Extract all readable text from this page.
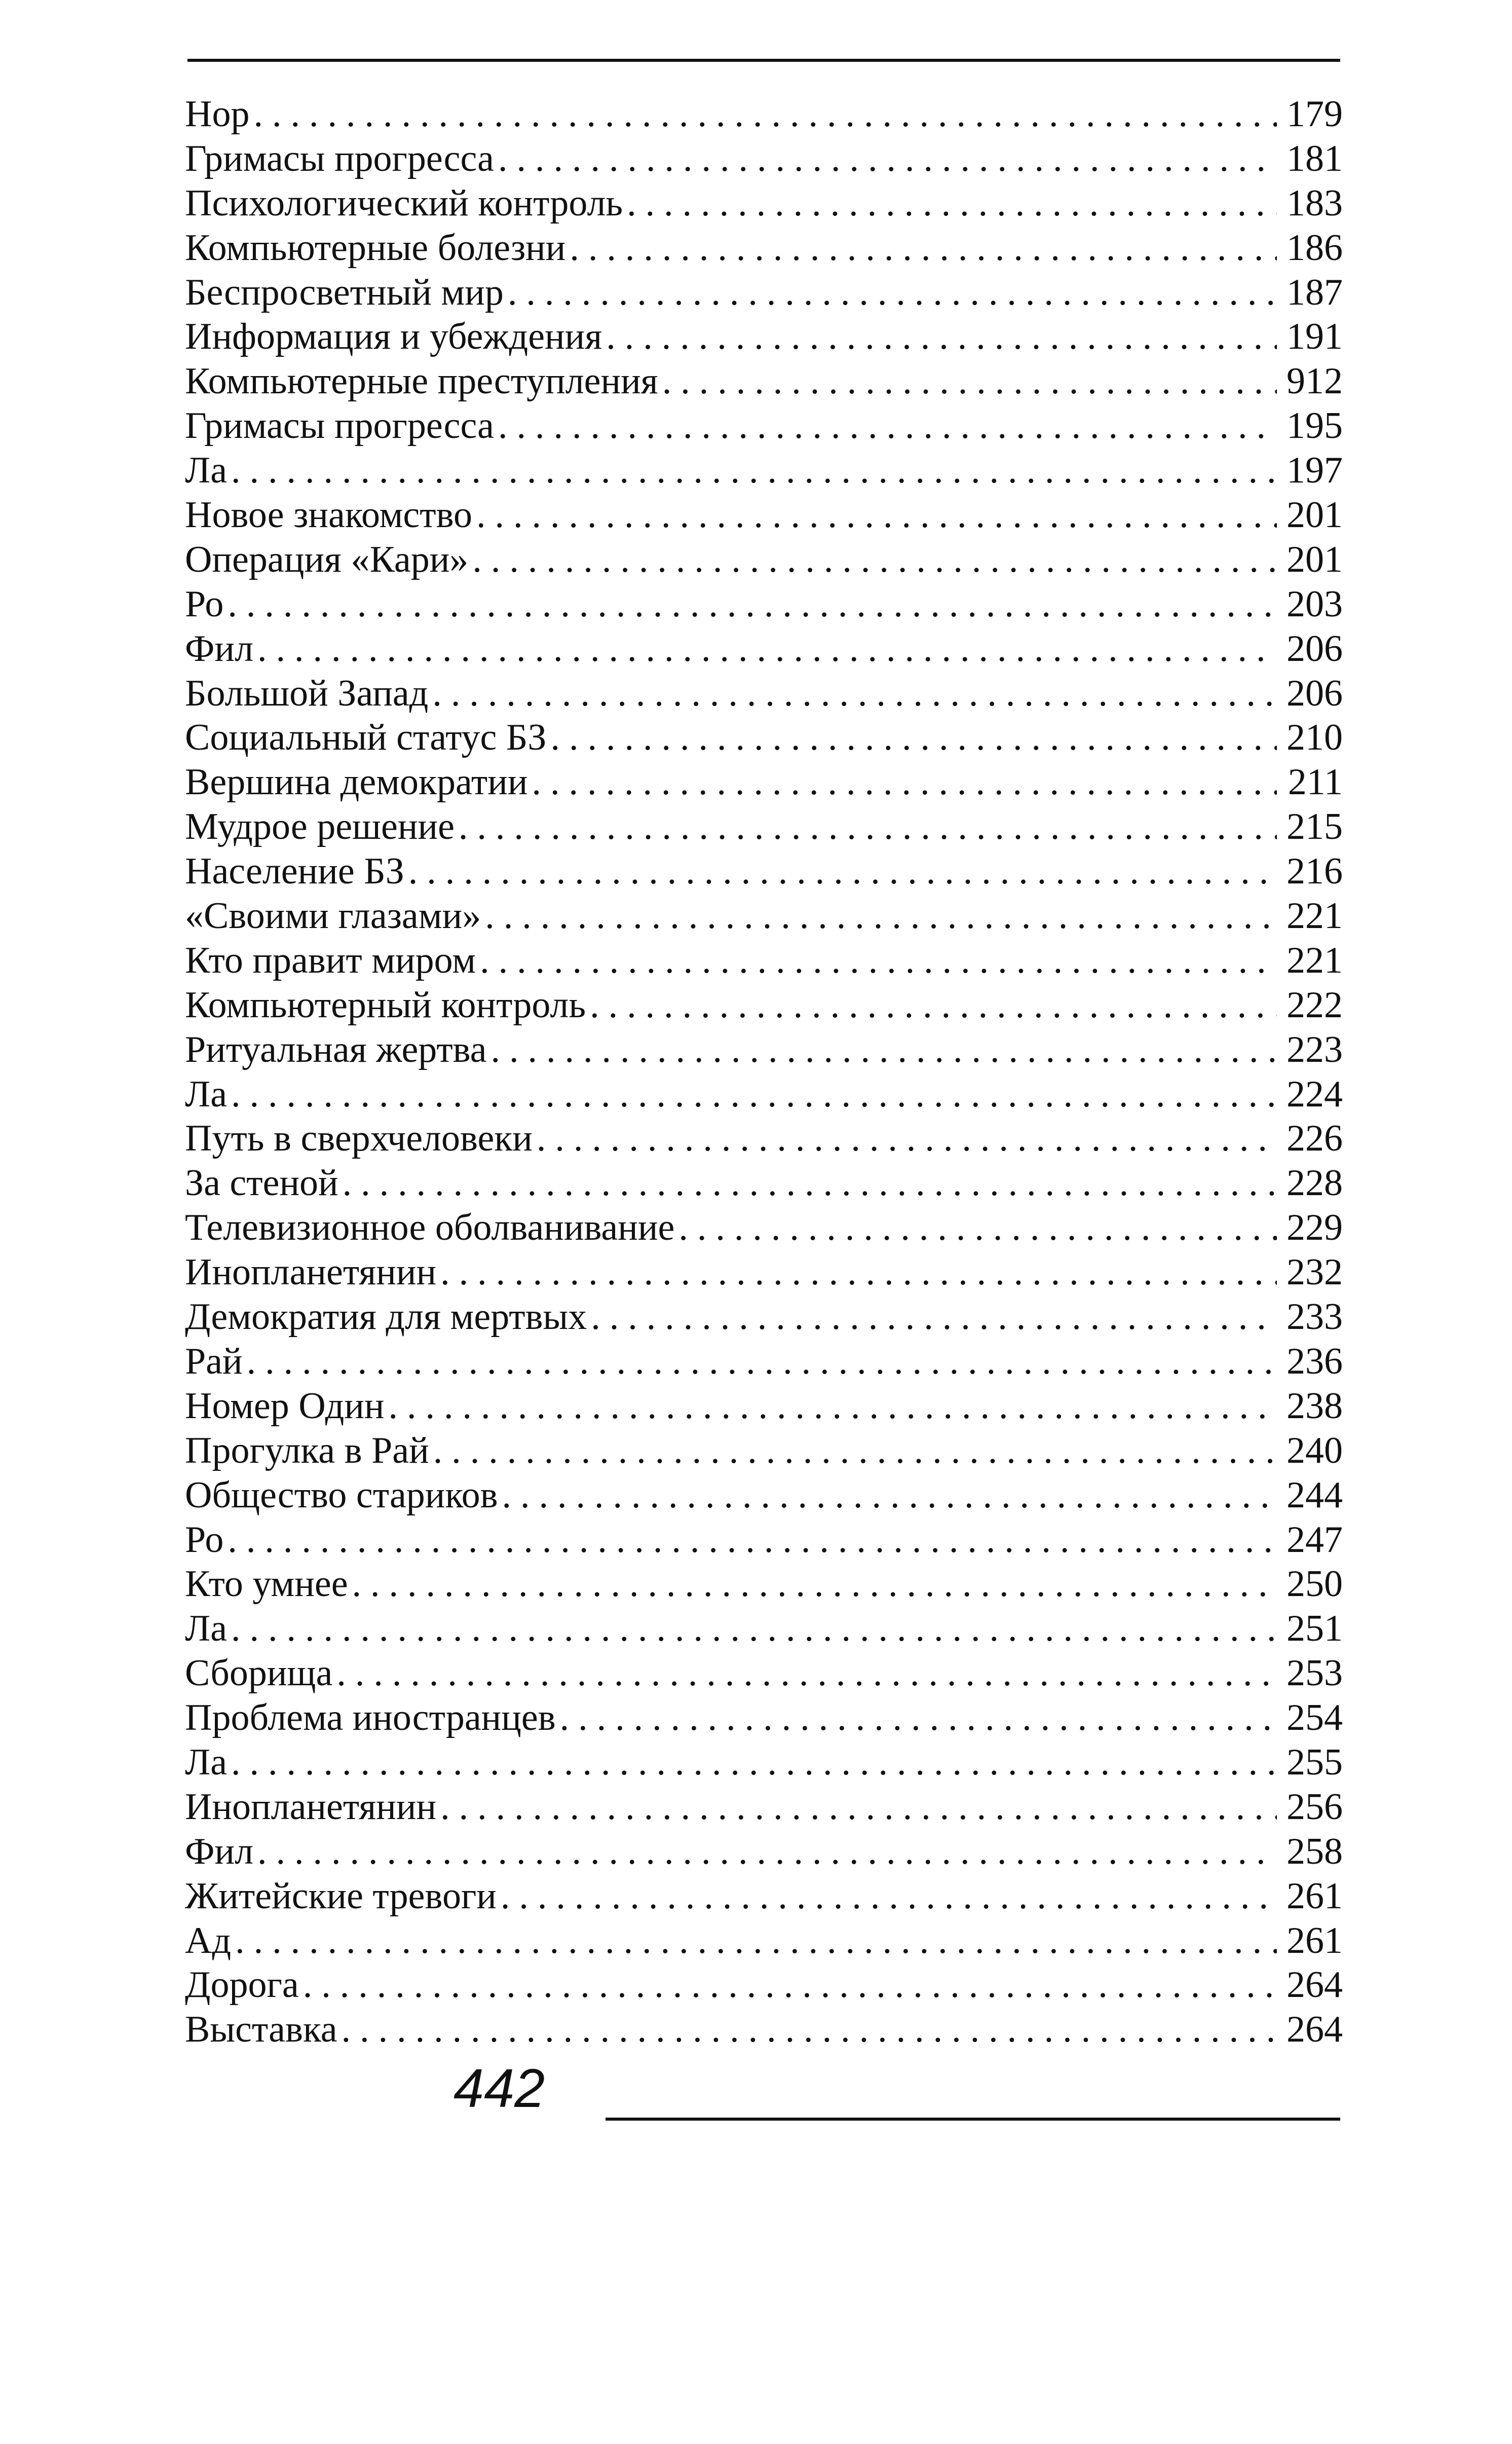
Нор .....	179
Гримасы прогресса .....	181
Психологический контроль .....	183
Компьютерные болезни .....	186
Беспросветный мир .....	187
Информация и убеждения .....	191
Компьютерные преступления .....	912
Гримасы прогресса .....	195
Ла .....	197
Новое знакомство .....	201
Операция «Кари» .....	201
Ро .....	203
Фил .....	206
Большой Запад .....	206
Социальный статус БЗ .....	210
Вершина демократии .....	211
Мудрое решение .....	215
Население БЗ .....	216
«Своими глазами» .....	221
Кто правит миром .....	221
Компьютерный контроль .....	222
Ритуальная жертва .....	223
Ла .....	224
Путь в сверхчеловеки .....	226
За стеной .....	228
Телевизионное оболванивание .....	229
Инопланетянин .....	232
Демократия для мертвых .....	233
Рай .....	236
Номер Один .....	238
Прогулка в Рай .....	240
Общество стариков .....	244
Ро .....	247
Кто умнее .....	250
Ла .....	251
Сборища .....	253
Проблема иностранцев .....	254
Ла .....	255
Инопланетянин .....	256
Фил .....	258
Житейские тревоги .....	261
Ад .....	261
Дорога .....	264
Выставка .....	264
442
